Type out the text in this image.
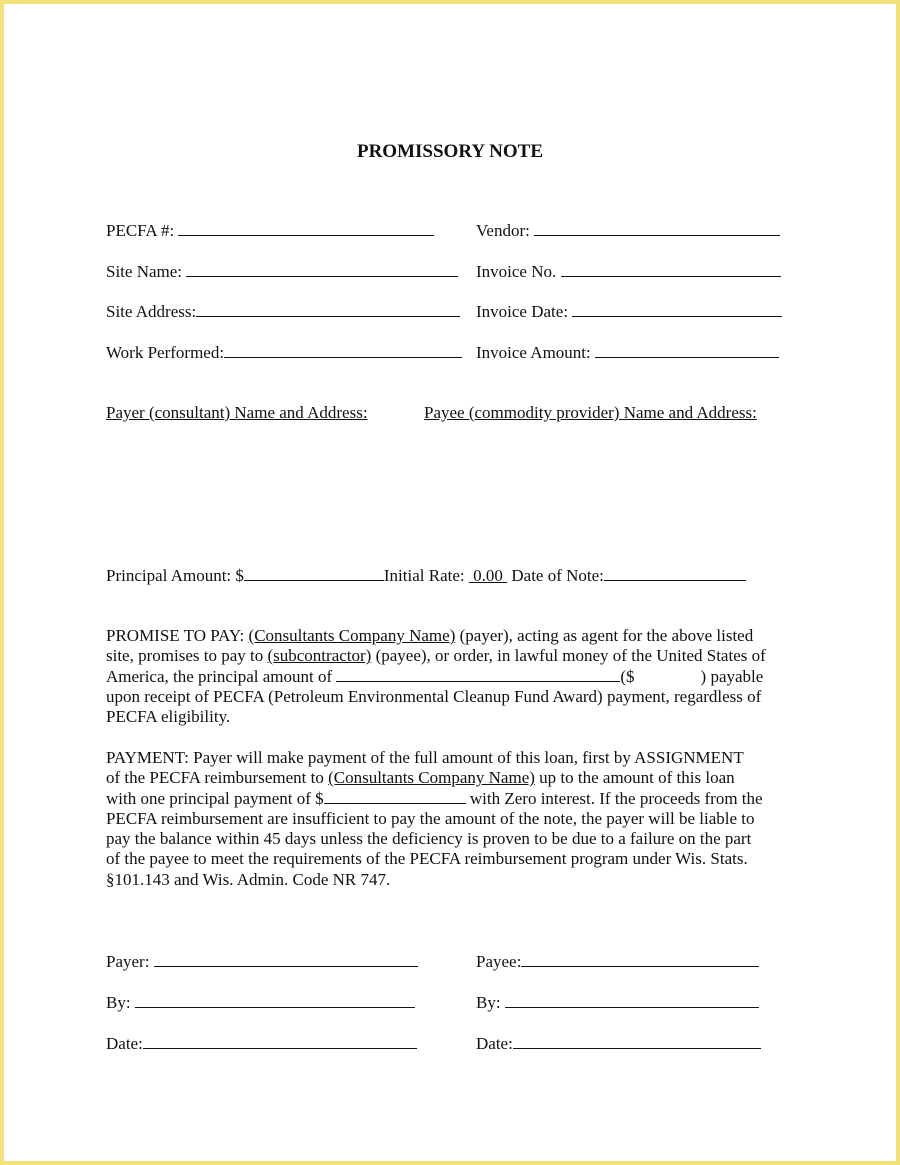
PROMISSORY NOTE
PECFA #:	Vendor:
Site Name:	Invoice No.
Site Address:	Invoice Date:
Work Performed:	Invoice Amount:
Payer (consultant) Name and Address:	Payee (commodity provider) Name and Address:
Principal Amount: $	Initial Rate: 0.00 Date of Note:
PROMISE TO PAY: (Consultants Company Name) (payer), acting as agent for the above listed
site, promises to pay to (subcontractor) (payee), or order, in lawful money of the United States of
America, the principal amount of	($	) payable
upon receipt of PECFA (Petroleum Environmental Cleanup Fund Award) payment, regardless of
PECFA eligibility.
PAYMENT: Payer will make payment of the full amount of this loan, first by ASSIGNMENT
of the PECFA reimbursement to (Consultants Company Name) up to the amount of this loan
with one principal payment of $	with Zero interest. If the proceeds from the
PECFA reimbursement are insufficient to pay the amount of the note, the payer will be liable to
pay the balance within 45 days unless the deficiency is proven to be due to a failure on the part
of the payee to meet the requirements of the PECFA reimbursement program under Wis. Stats.
§101.143 and Wis. Admin. Code NR 747.
Payer:	Payee:
By:	By:
Date:	Date:
